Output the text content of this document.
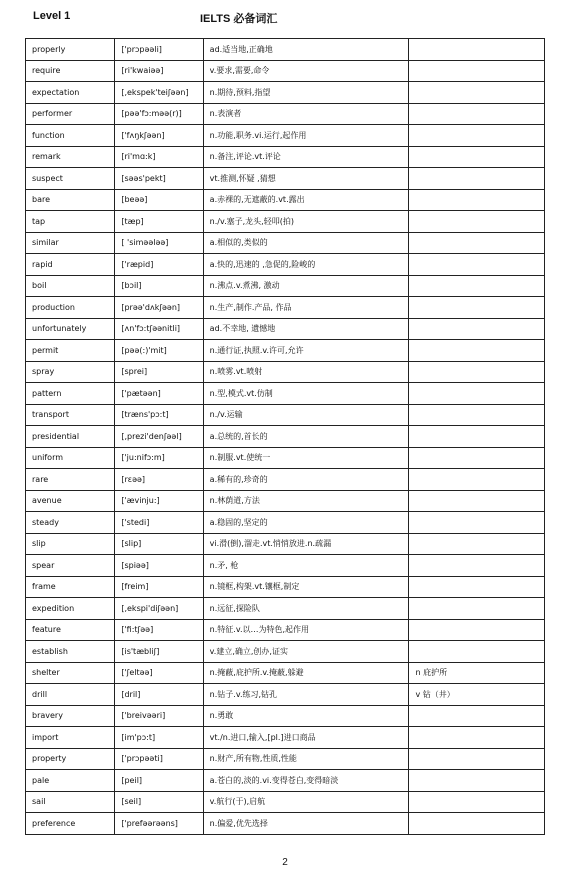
Level 1	IELTS 必备词汇
properly	['prɔpəəli]	ad.适当地,正确地	
require	[ri'kwaiəə]	v.要求,需要,命令	
expectation	[,ekspek'teiʃəən]	n.期待,预料,指望	
performer	[pəə'fɔ:məə(r)]	n.表演者	
function	['fʌŋkʃəən]	n.功能,职务.vi.运行,起作用	
remark	[ri'mɑ:k]	n.备注,评论.vt.评论	
suspect	[səəs'pekt]	vt.推测,怀疑 ,猜想	
bare	[beəə]	a.赤裸的,无遮蔽的.vt.露出	
tap	[tæp]	n./v.塞子,龙头,轻叩(拍)	
similar	[ 'siməələə]	a.相似的,类似的	
rapid	['ræpid]	a.快的,迅速的 ,急促的,险峻的	
boil	[bɔil]	n.沸点.v.煮沸, 激动	
production	[prəə'dʌkʃəən]	n.生产,制作.产品, 作品	
unfortunately	[ʌn'fɔ:tʃəənitli]	ad.不幸地, 遗憾地	
permit	[pəə(:)'mit]	n.通行证,执照.v.许可,允许	
spray	[sprei]	n.喷雾.vt.喷射	
pattern	['pætəən]	n.型,模式.vt.仿制	
transport	[træns'pɔ:t]	n./v.运输	
presidential	[,prezi'denʃəəl]	a.总统的,首长的	
uniform	['ju:nifɔ:m]	n.制服.vt.使统一	
rare	[rɛəə]	a.稀有的,珍奇的	
avenue	['ævinju:]	n.林荫道,方法	
steady	['stedi]	a.稳固的,坚定的	
slip	[slip]	vi.滑(倒),溜走.vt.悄悄放进.n.疏漏	
spear	[spiəə]	n.矛, 枪	
frame	[freim]	n.镜框,构架.vt.镶框,制定	
expedition	[,ekspi'diʃəən]	n.远征,探险队	
feature	['fi:tʃəə]	n.特征.v.以…为特色,起作用	
establish	[is'tæbliʃ]	v.建立,确立,创办,证实	
shelter	['ʃeltəə]	n.掩蔽,庇护所.v.掩蔽,躲避	n 庇护所
drill	[dril]	n.钻子.v.练习,钻孔	v 钻（井）
bravery	['breivəəri]	n.勇敢	
import	[im'pɔ:t]	vt./n.进口,输入,[pl.]进口商品	
property	['prɔpəəti]	n.财产,所有物,性质,性能	
pale	[peil]	a.苍白的,淡的.vi.变得苍白,变得暗淡	
sail	[seil]	v.航行(于),启航	
preference	['prefəərəəns]	n.偏爱,优先选择	
2
